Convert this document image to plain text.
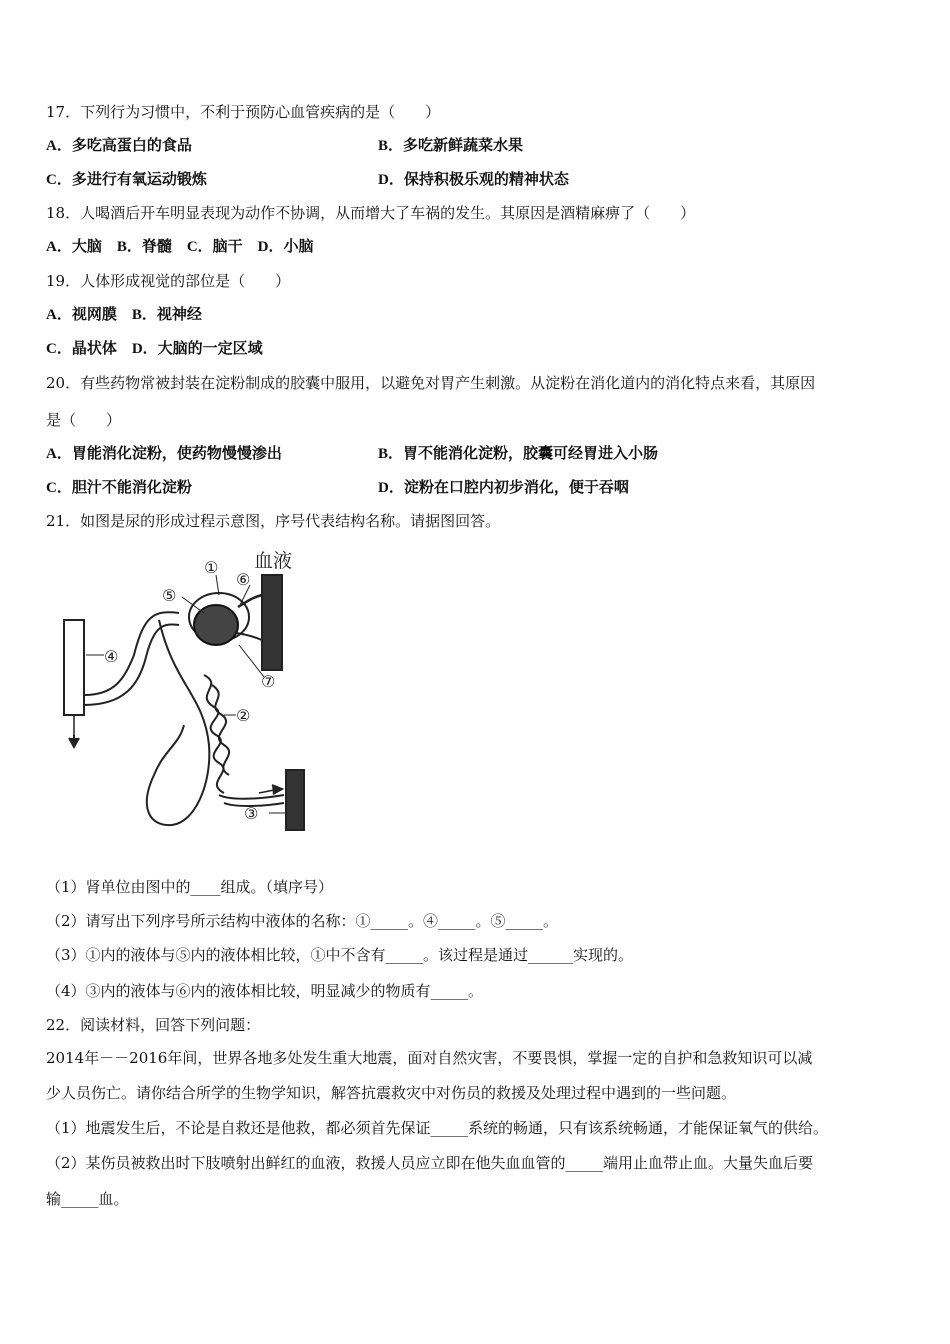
17．下列行为习惯中，不利于预防心血管疾病的是（　　）
A．多吃高蛋白的食品	B．多吃新鲜蔬菜水果
C．多进行有氧运动锻炼	D．保持积极乐观的精神状态
18．人喝酒后开车明显表现为动作不协调，从而增大了车祸的发生。其原因是酒精麻痹了（　　）
A．大脑　B．脊髓　C．脑干　D．小脑
19．人体形成视觉的部位是（　　）
A．视网膜　B．视神经
C．晶状体　D．大脑的一定区域
20．有些药物常被封装在淀粉制成的胶囊中服用，以避免对胃产生刺激。从淀粉在消化道内的消化特点来看，其原因
是（　　）
A．胃能消化淀粉，使药物慢慢渗出	B．胃不能消化淀粉，胶囊可经胃进入小肠
C．胆汁不能消化淀粉	D．淀粉在口腔内初步消化，便于吞咽
21．如图是尿的形成过程示意图，序号代表结构名称。请据图回答。
④
①
⑤
⑥
⑦
②
③
血液
（1）肾单位由图中的____组成。（填序号）
（2）请写出下列序号所示结构中液体的名称：①_____。④_____。⑤_____。
（3）①内的液体与⑤内的液体相比较，①中不含有_____。该过程是通过______实现的。
（4）③内的液体与⑥内的液体相比较，明显减少的物质有_____。
22．阅读材料，回答下列问题：
2014年－－2016年间，世界各地多处发生重大地震，面对自然灾害，不要畏惧，掌握一定的自护和急救知识可以减
少人员伤亡。请你结合所学的生物学知识，解答抗震救灾中对伤员的救援及处理过程中遇到的一些问题。
（1）地震发生后，不论是自救还是他救，都必须首先保证_____系统的畅通，只有该系统畅通，才能保证氧气的供给。
（2）某伤员被救出时下肢喷射出鲜红的血液，救援人员应立即在他失血血管的_____端用止血带止血。大量失血后要
输_____血。
